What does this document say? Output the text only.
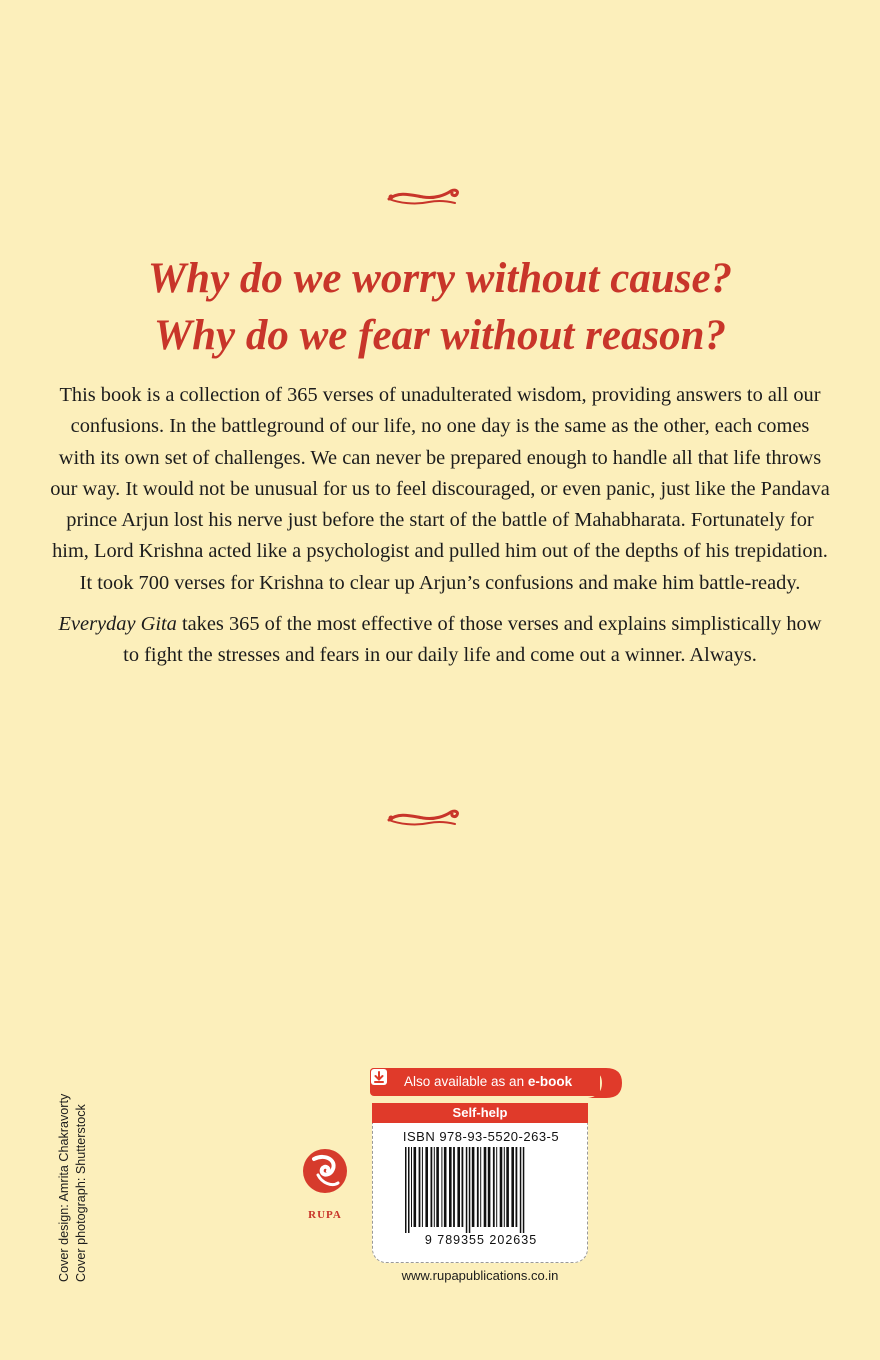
Why do we worry without cause?
Why do we fear without reason?

This book is a collection of 365 verses of unadulterated wisdom, providing answers to all our confusions. In the battleground of our life, no one day is the same as the other, each comes with its own set of challenges. We can never be prepared enough to handle all that life throws our way. It would not be unusual for us to feel discouraged, or even panic, just like the Pandava prince Arjun lost his nerve just before the start of the battle of Mahabharata. Fortunately for him, Lord Krishna acted like a psychologist and pulled him out of the depths of his trepidation. It took 700 verses for Krishna to clear up Arjun’s confusions and make him battle-ready.

Everyday Gita takes 365 of the most effective of those verses and explains simplistically how to fight the stresses and fears in our daily life and come out a winner. Always.

Cover design: Amrita Chakravorty Cover photograph: Shutterstock	RUPA
Also available as an e-book
Self-help
ISBN 978-93-5520-263-5
9 789355 202635
www.rupapublications.co.in
